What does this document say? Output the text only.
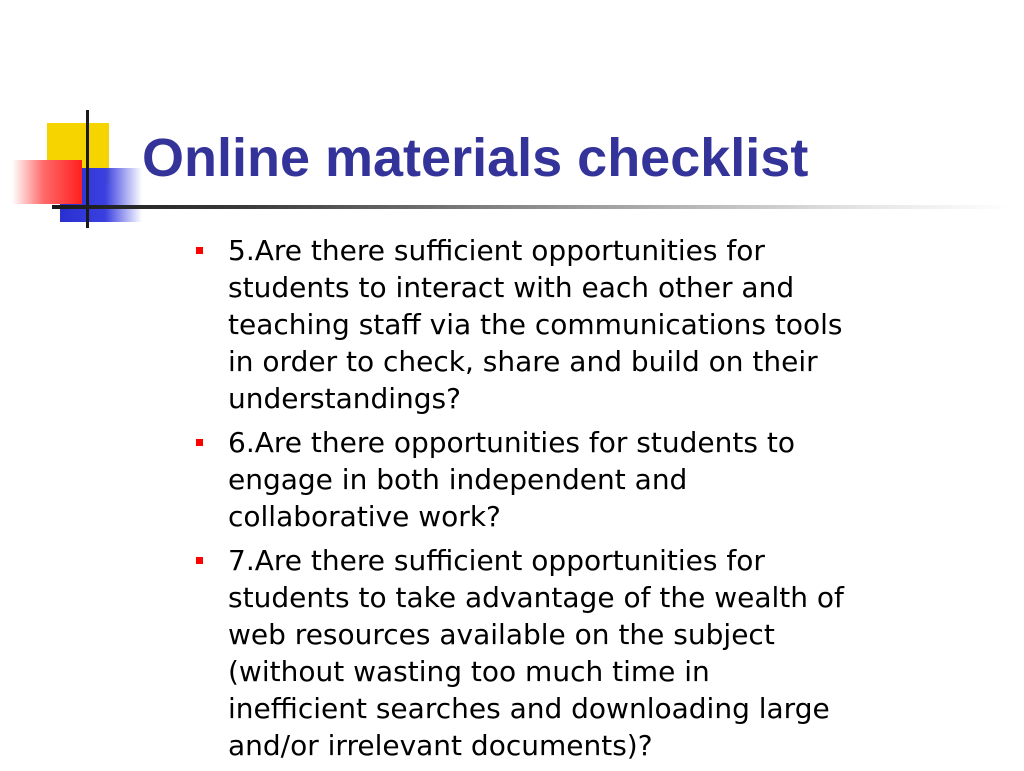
Online materials checklist
5.Are there sufficient opportunities for
students to interact with each other and
teaching staff via the communications tools
in order to check, share and build on their
understandings?
6.Are there opportunities for students to
engage in both independent and
collaborative work?
7.Are there sufficient opportunities for
students to take advantage of the wealth of
web resources available on the subject
(without wasting too much time in
inefficient searches and downloading large
and/or irrelevant documents)?
